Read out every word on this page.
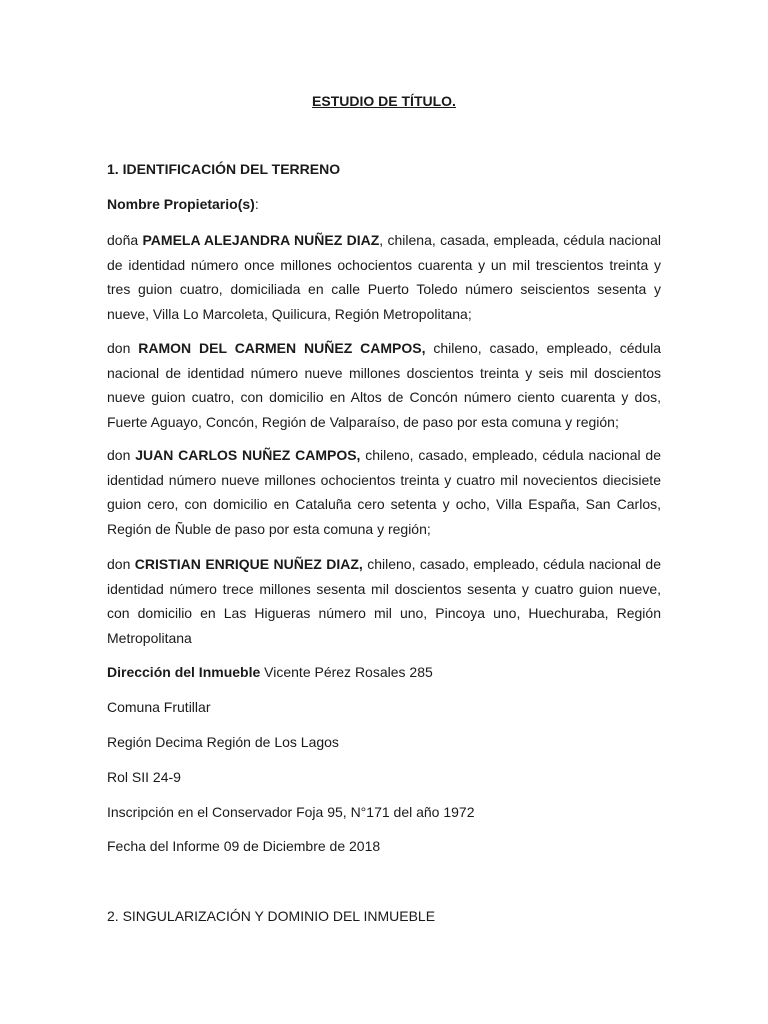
ESTUDIO DE TÍTULO.
1. IDENTIFICACIÓN DEL TERRENO
Nombre Propietario(s):
doña PAMELA ALEJANDRA NUÑEZ DIAZ, chilena, casada, empleada, cédula nacional de identidad número once millones ochocientos cuarenta y un mil trescientos treinta y tres guion cuatro, domiciliada en calle Puerto Toledo número seiscientos sesenta y nueve, Villa Lo Marcoleta, Quilicura, Región Metropolitana;
don RAMON DEL CARMEN NUÑEZ CAMPOS, chileno, casado, empleado, cédula nacional de identidad número nueve millones doscientos treinta y seis mil doscientos nueve guion cuatro, con domicilio en Altos de Concón número ciento cuarenta y dos, Fuerte Aguayo, Concón, Región de Valparaíso, de paso por esta comuna y región;
don JUAN CARLOS NUÑEZ CAMPOS, chileno, casado, empleado, cédula nacional de identidad número nueve millones ochocientos treinta y cuatro mil novecientos diecisiete guion cero, con domicilio en Cataluña cero setenta y ocho, Villa España, San Carlos, Región de Ñuble de paso por esta comuna y región;
don CRISTIAN ENRIQUE NUÑEZ DIAZ, chileno, casado, empleado, cédula nacional de identidad número trece millones sesenta mil doscientos sesenta y cuatro guion nueve, con domicilio en Las Higueras número mil uno, Pincoya uno, Huechuraba, Región Metropolitana
Dirección del Inmueble Vicente Pérez Rosales 285
Comuna Frutillar
Región Decima Región de Los Lagos
Rol SII 24-9
Inscripción en el Conservador Foja 95, N°171 del año 1972
Fecha del Informe 09 de Diciembre de 2018
2. SINGULARIZACIÓN Y DOMINIO DEL INMUEBLE
